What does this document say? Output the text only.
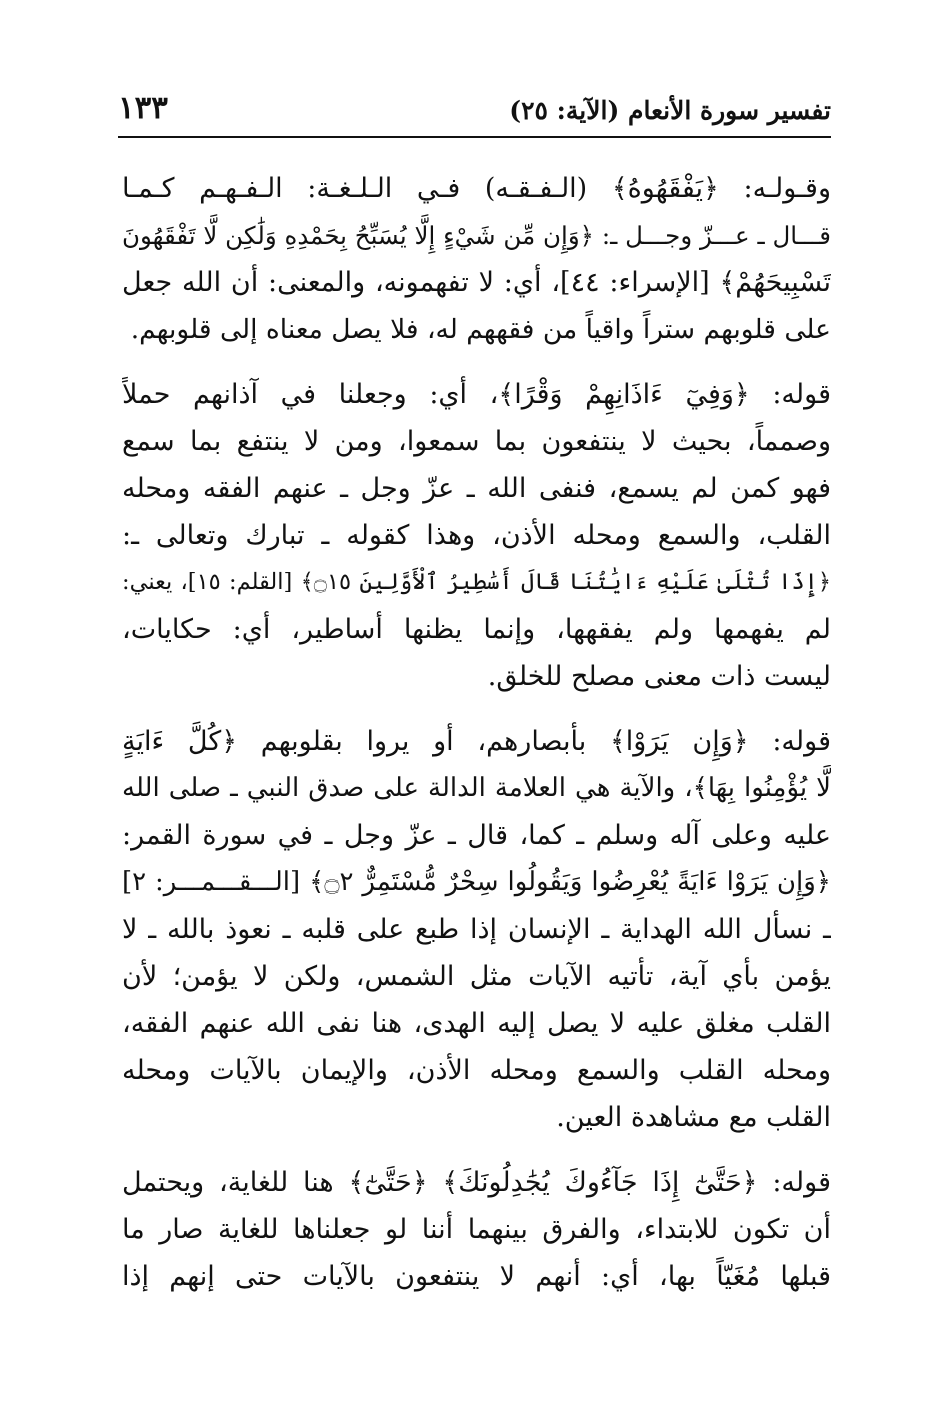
تفسير سورة الأنعام (الآية: ٢٥)
١٣٣
وقـولـه: ﴿يَفْقَهُوهُ﴾ (الـفـقـه) فـي الـلـغـة: الـفـهـم كـمـا
قـــال ـ عـــزّ وجـــل ـ: ﴿وَإِن مِّن شَيْءٍ إِلَّا يُسَبِّحُ بِحَمْدِهِ وَلَٰكِن لَّا تَفْقَهُونَ
تَسْبِيحَهُمْ﴾ [الإسراء: ٤٤]، أي: لا تفهمونه، والمعنى: أن الله جعل
على قلوبهم ستراً واقياً من فقههم له، فلا يصل معناه إلى قلوبهم.
قوله: ﴿وَفِيٓ ءَاذَانِهِمْ وَقْرًا﴾، أي: وجعلنا في آذانهم حملاً
وصمماً، بحيث لا ينتفعون بما سمعوا، ومن لا ينتفع بما سمع
فهو كمن لم يسمع، فنفى الله ـ عزّ وجل ـ عنهم الفقه ومحله
القلب، والسمع ومحله الأذن، وهذا كقوله ـ تبارك وتعالى ـ:
﴿إِذَا تُتْلَىٰ عَلَيْهِ ءَايَٰتُنَا قَالَ أَسَٰطِيرُ ٱلْأَوَّلِينَ ۝١٥﴾ [القلم: ١٥]، يعني:
لم يفهمها ولم يفقهها، وإنما يظنها أساطير، أي: حكايات،
ليست ذات معنى مصلح للخلق.
قوله: ﴿وَإِن يَرَوْا﴾ بأبصارهم، أو يروا بقلوبهم ﴿كُلَّ ءَايَةٍ
لَّا يُؤْمِنُوا بِهَا﴾، والآية هي العلامة الدالة على صدق النبي ـ صلى الله
عليه وعلى آله وسلم ـ كما، قال ـ عزّ وجل ـ في سورة القمر:
﴿وَإِن يَرَوْا ءَايَةً يُعْرِضُوا وَيَقُولُوا سِحْرٌ مُّسْتَمِرٌّ ۝٢﴾ [الـــقـــمـــر: ٢]
ـ نسأل الله الهداية ـ الإنسان إذا طبع على قلبه ـ نعوذ بالله ـ لا
يؤمن بأي آية، تأتيه الآيات مثل الشمس، ولكن لا يؤمن؛ لأن
القلب مغلق عليه لا يصل إليه الهدى، هنا نفى الله عنهم الفقه،
ومحله القلب والسمع ومحله الأذن، والإيمان بالآيات ومحله
القلب مع مشاهدة العين.
قوله: ﴿حَتَّىٰٓ إِذَا جَآءُوكَ يُجَٰدِلُونَكَ﴾ ﴿حَتَّىٰٓ﴾ هنا للغاية، ويحتمل
أن تكون للابتداء، والفرق بينهما أننا لو جعلناها للغاية صار ما
قبلها مُغَيّاً بها، أي: أنهم لا ينتفعون بالآيات حتى إنهم إذا
